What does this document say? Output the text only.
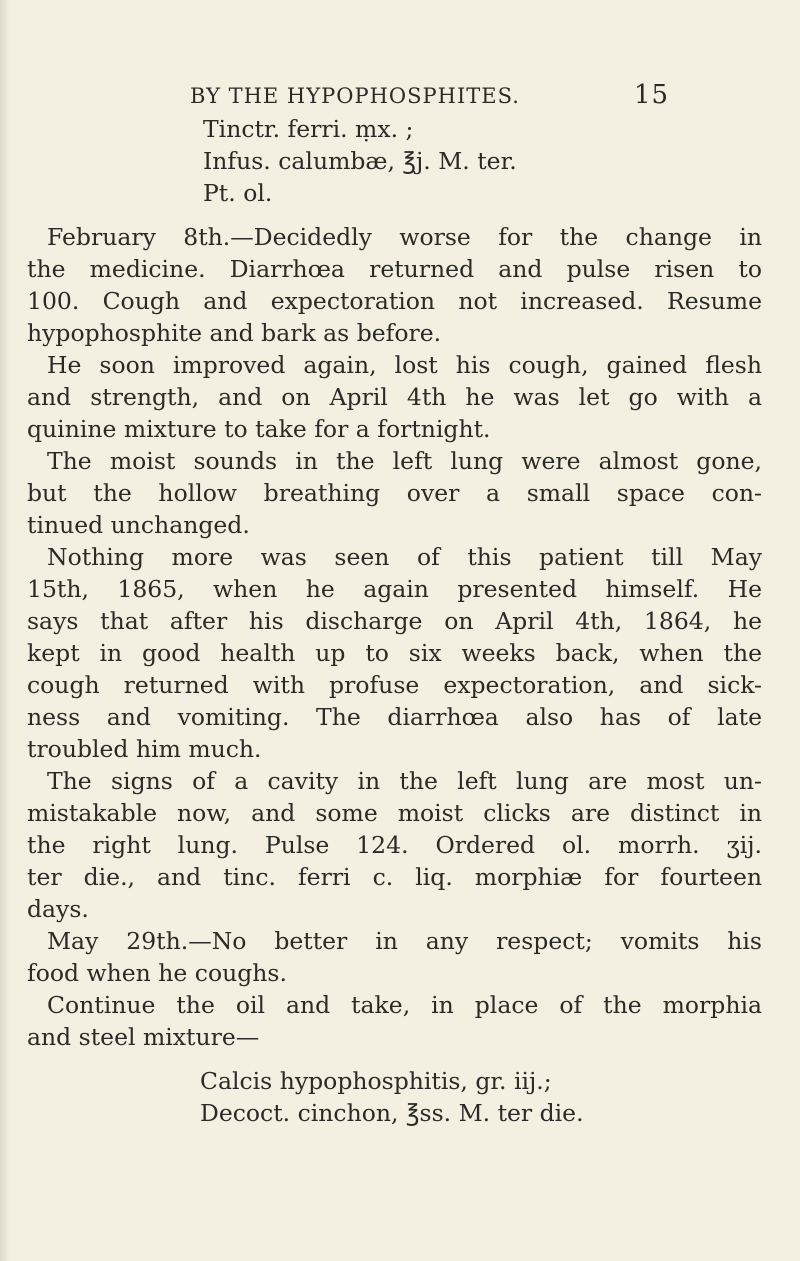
BY THE HYPOPHOSPHITES.	15
Tinctr. ferri. ṃx. ;
Infus. calumbæ, ℥j. M. ter.
Pt. ol.
February 8th.—Decidedly worse for the change in
the medicine. Diarrhœa returned and pulse risen to
100. Cough and expectoration not increased. Resume
hypophosphite and bark as before.
He soon improved again, lost his cough, gained flesh
and strength, and on April 4th he was let go with a
quinine mixture to take for a fortnight.
The moist sounds in the left lung were almost gone,
but the hollow breathing over a small space con-
tinued unchanged.
Nothing more was seen of this patient till May
15th, 1865, when he again presented himself. He
says that after his discharge on April 4th, 1864, he
kept in good health up to six weeks back, when the
cough returned with profuse expectoration, and sick-
ness and vomiting. The diarrhœa also has of late
troubled him much.
The signs of a cavity in the left lung are most un-
mistakable now, and some moist clicks are distinct in
the right lung. Pulse 124. Ordered ol. morrh. ʒij.
ter die., and tinc. ferri c. liq. morphiæ for fourteen
days.
May 29th.—No better in any respect; vomits his
food when he coughs.
Continue the oil and take, in place of the morphia
and steel mixture—
Calcis hypophosphitis, gr. iij.;
Decoct. cinchon, ℥ss. M. ter die.
